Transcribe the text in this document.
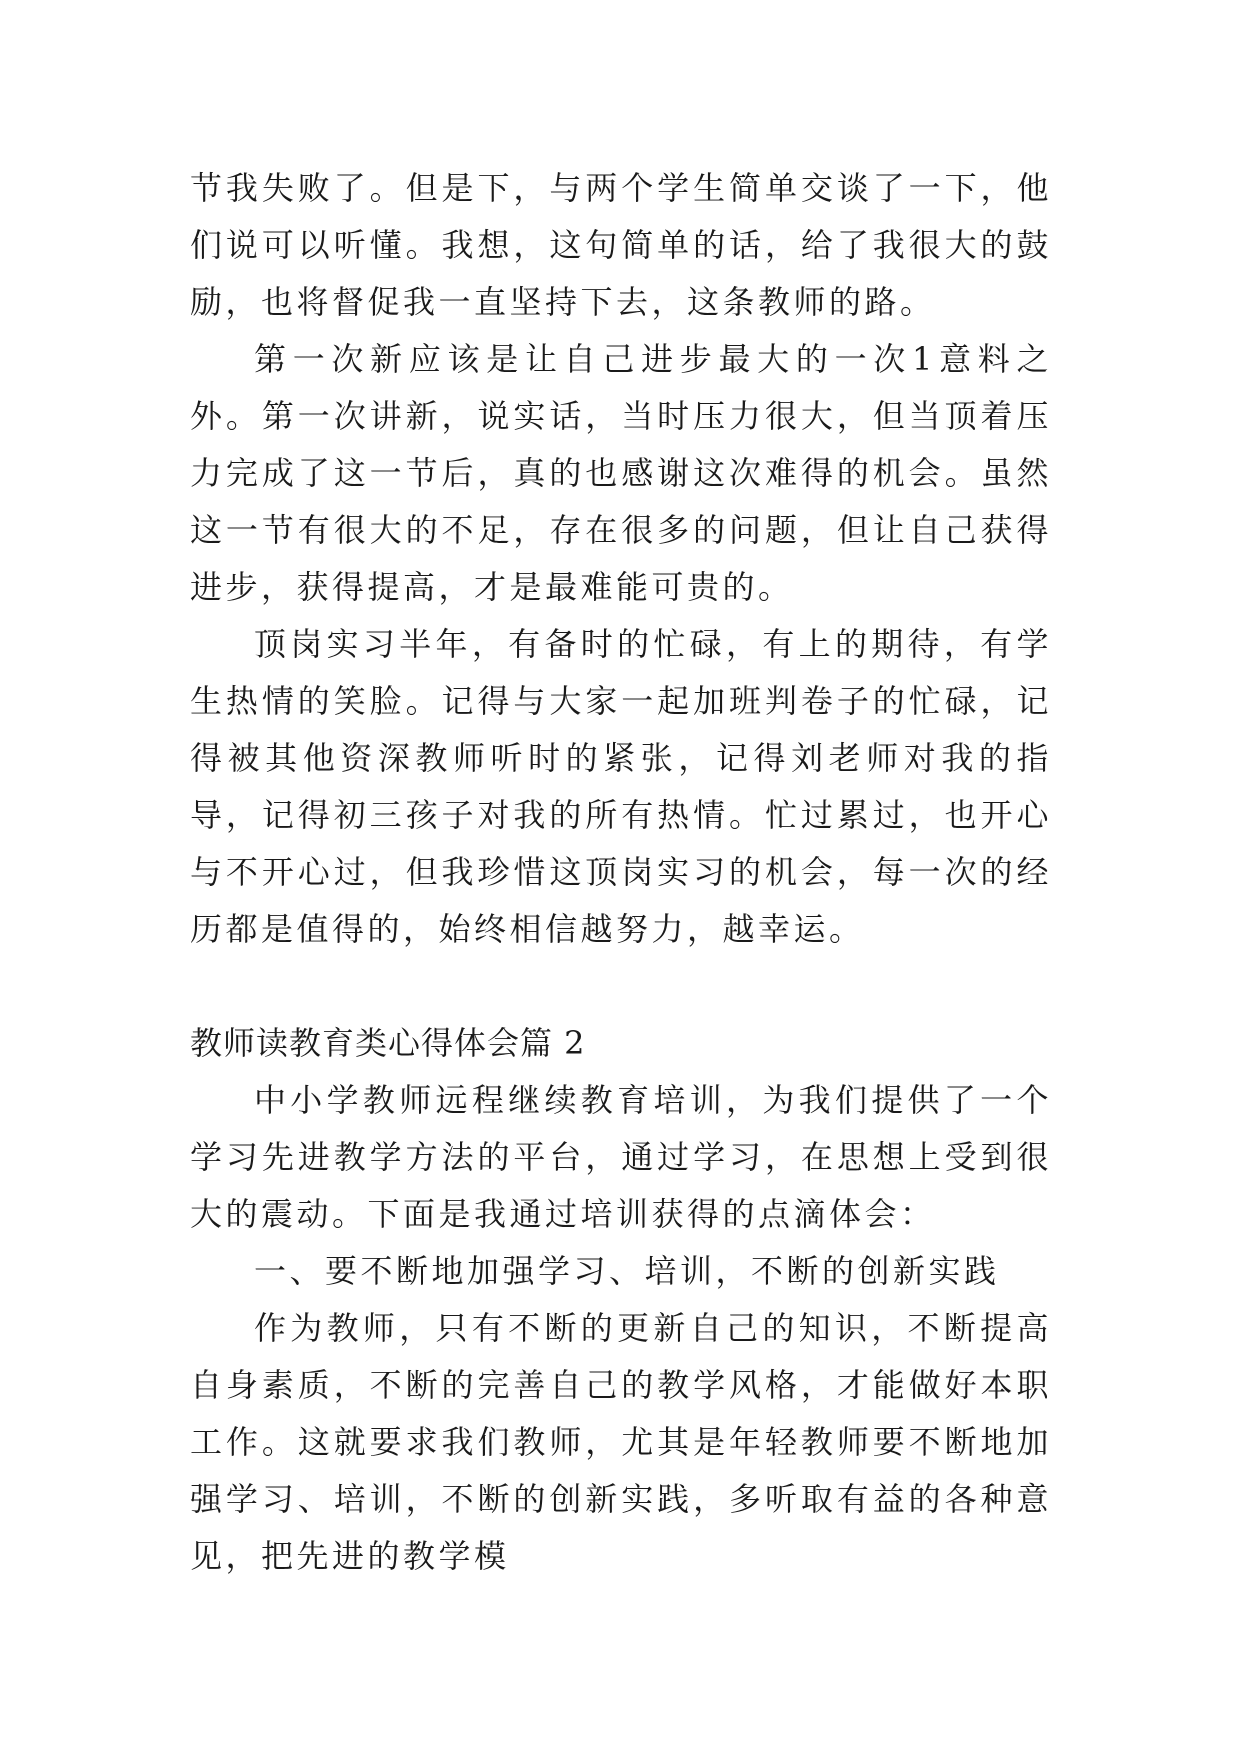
节我失败了。但是下，与两个学生简单交谈了一下，他们说可以听懂。我想，这句简单的话，给了我很大的鼓励，也将督促我一直坚持下去，这条教师的路。

第一次新应该是让自己进步最大的一次1意料之外。第一次讲新，说实话，当时压力很大，但当顶着压力完成了这一节后，真的也感谢这次难得的机会。虽然这一节有很大的不足，存在很多的问题，但让自己获得进步，获得提高，才是最难能可贵的。

顶岗实习半年，有备时的忙碌，有上的期待，有学生热情的笑脸。记得与大家一起加班判卷子的忙碌，记得被其他资深教师听时的紧张，记得刘老师对我的指导，记得初三孩子对我的所有热情。忙过累过，也开心与不开心过，但我珍惜这顶岗实习的机会，每一次的经历都是值得的，始终相信越努力，越幸运。

教师读教育类心得体会篇 2

中小学教师远程继续教育培训，为我们提供了一个学习先进教学方法的平台，通过学习，在思想上受到很大的震动。下面是我通过培训获得的点滴体会：

一、要不断地加强学习、培训，不断的创新实践

作为教师，只有不断的更新自己的知识，不断提高自身素质，不断的完善自己的教学风格，才能做好本职工作。这就要求我们教师，尤其是年轻教师要不断地加强学习、培训，不断的创新实践，多听取有益的各种意见，把先进的教学模
